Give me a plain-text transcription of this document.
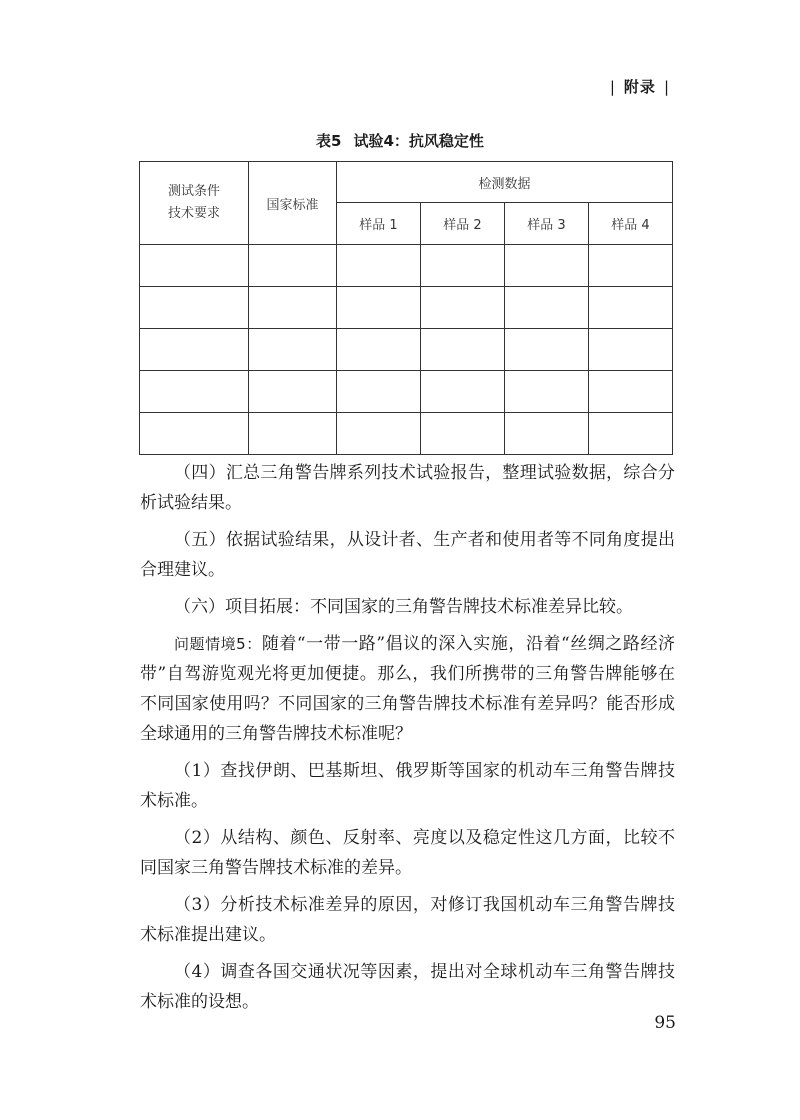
| 附录 |
表5 试验4：抗风稳定性
测试条件
技术要求	国家标准	检测数据			
		样品 1	样品 2	样品 3	样品 4

（四）汇总三角警告牌系列技术试验报告，整理试验数据，综合分析试验结果。

（五）依据试验结果，从设计者、生产者和使用者等不同角度提出合理建议。

（六）项目拓展：不同国家的三角警告牌技术标准差异比较。

问题情境5：随着“一带一路”倡议的深入实施，沿着“丝绸之路经济带”自驾游览观光将更加便捷。那么，我们所携带的三角警告牌能够在不同国家使用吗？不同国家的三角警告牌技术标准有差异吗？能否形成全球通用的三角警告牌技术标准呢？

（1）查找伊朗、巴基斯坦、俄罗斯等国家的机动车三角警告牌技术标准。

（2）从结构、颜色、反射率、亮度以及稳定性这几方面，比较不同国家三角警告牌技术标准的差异。

（3）分析技术标准差异的原因，对修订我国机动车三角警告牌技术标准提出建议。

（4）调查各国交通状况等因素，提出对全球机动车三角警告牌技术标准的设想。

95
